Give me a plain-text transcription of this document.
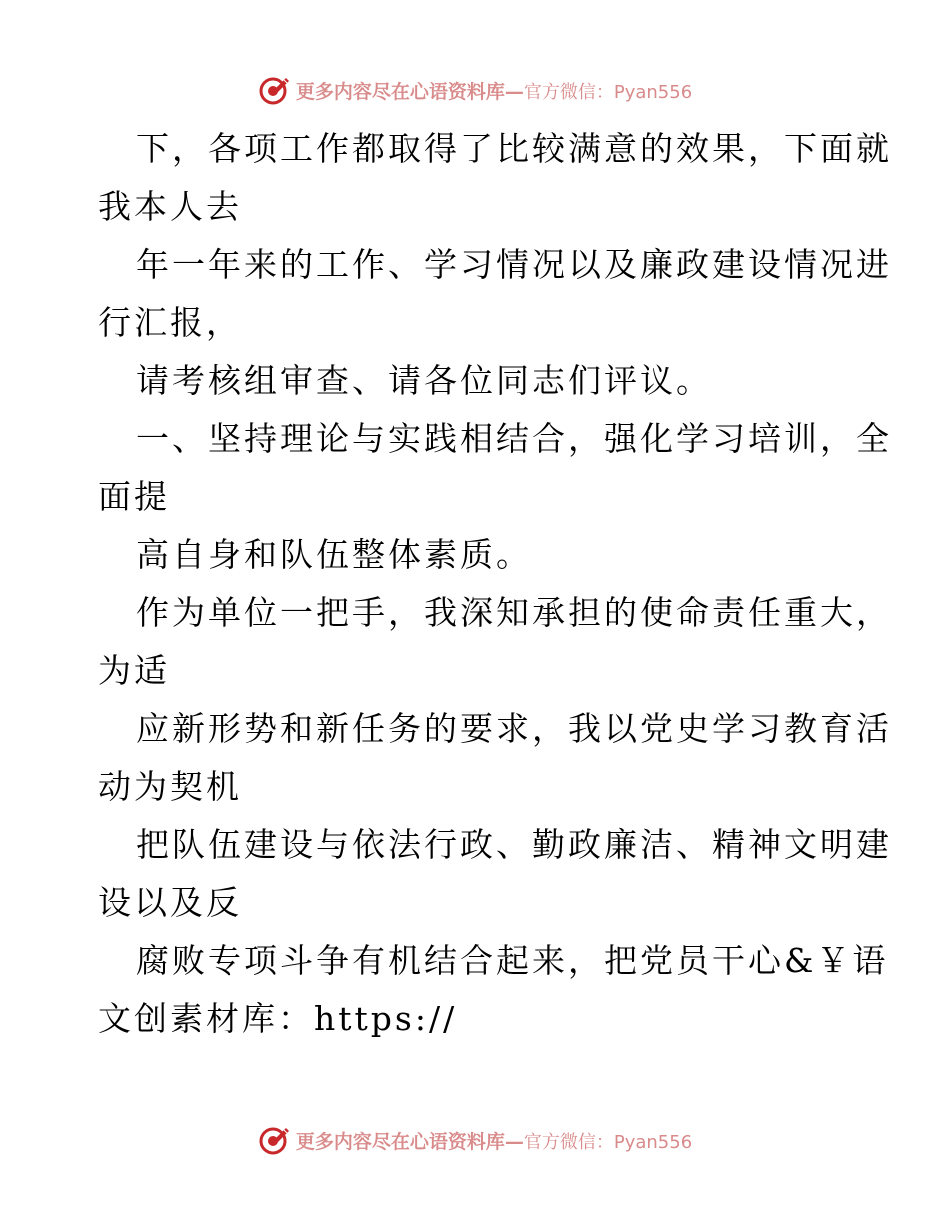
更多内容尽在心语资料库—官方微信：Pyan556
下，各项工作都取得了比较满意的效果，下面就
我本人去
年一年来的工作、学习情况以及廉政建设情况进
行汇报，
请考核组审查、请各位同志们评议。
一、坚持理论与实践相结合，强化学习培训，全
面提
高自身和队伍整体素质。
作为单位一把手，我深知承担的使命责任重大，
为适
应新形势和新任务的要求，我以党史学习教育活
动为契机
把队伍建设与依法行政、勤政廉洁、精神文明建
设以及反
腐败专项斗争有机结合起来，把党员干心&￥语
文创素材库：https://
更多内容尽在心语资料库—官方微信：Pyan556
